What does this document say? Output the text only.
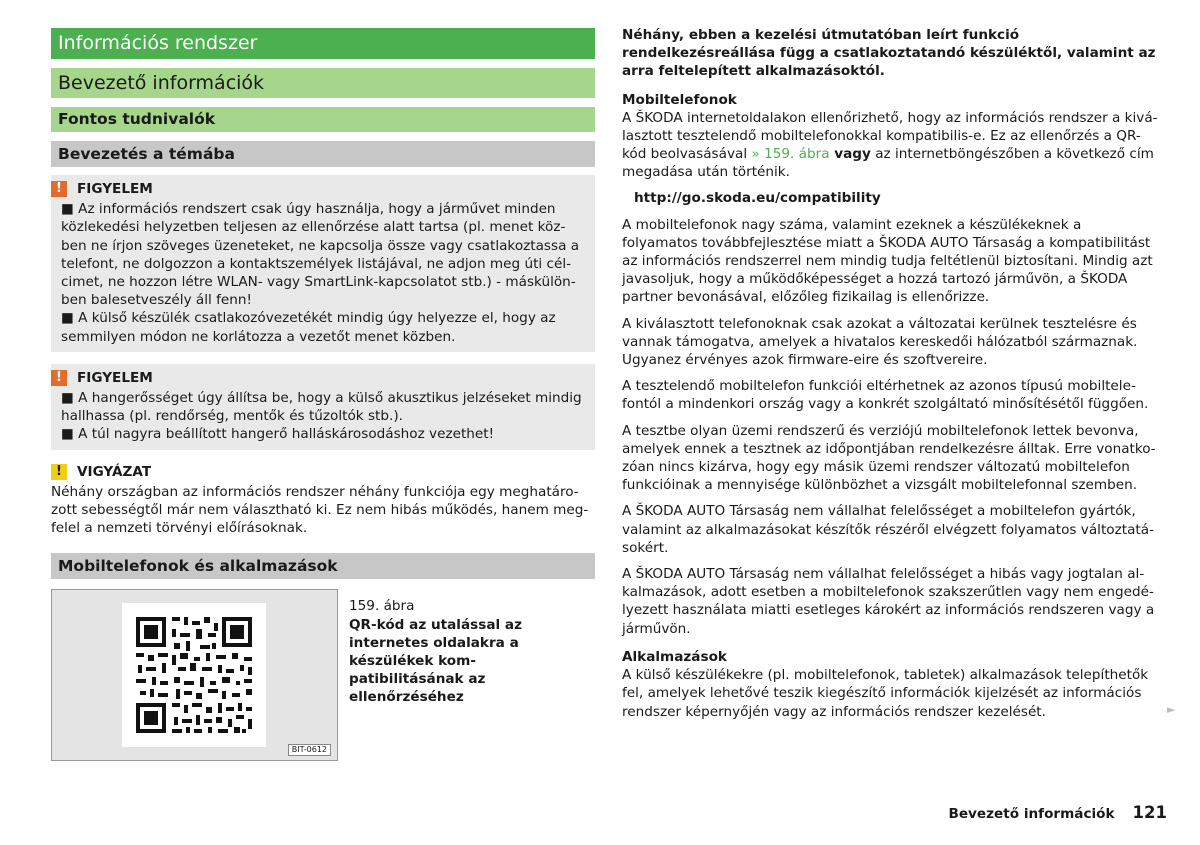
Információs rendszer
Bevezető információk
Fontos tudnivalók
Bevezetés a témába
!	FIGYELEM

■ Az információs rendszert csak úgy használja, hogy a járművet minden közlekedési helyzetben teljesen az ellenőrzése alatt tartsa (pl. menet közben ne írjon szöveges üzeneteket, ne kapcsolja össze vagy csatlakoztassa a telefont, ne dolgozzon a kontaktszemélyek listájával, ne adjon meg úti célcimet, ne hozzon létre WLAN- vagy SmartLink-kapcsolatot stb.) - máskülönben balesetveszély áll fenn!

■ A külső készülék csatlakozóvezetékét mindig úgy helyezze el, hogy az semmilyen módon ne korlátozza a vezetőt menet közben.

!	FIGYELEM

■ A hangerősséget úgy állítsa be, hogy a külső akusztikus jelzéseket mindig hallhassa (pl. rendőrség, mentők és tűzoltók stb.).

■ A túl nagyra beállított hangerő halláskárosodáshoz vezethet!

!	VIGYÁZAT

Néhány országban az információs rendszer néhány funkciója egy meghatározott sebességtől már nem választható ki. Ez nem hibás működés, hanem megfelel a nemzeti törvényi előírásoknak.

Mobiltelefonok és alkalmazások
BIT-0612
159. ábra
QR-kód az utalással az internetes oldalakra a készülékek kompatibilitásának az ellenőrzéséhez

Néhány, ebben a kezelési útmutatóban leírt funkció rendelkezésreállása függ a csatlakoztatandó készüléktől, valamint az arra feltelepített alkalmazásoktól.

Mobiltelefonok

A ŠKODA internetoldalakon ellenőrizhető, hogy az információs rendszer a kiválasztott tesztelendő mobiltelefonokkal kompatibilis-e. Ez az ellenőrzés a QR-kód beolvasásával » 159. ábra vagy az internetböngészőben a következő cím megadása után történik.

http://go.skoda.eu/compatibility

A mobiltelefonok nagy száma, valamint ezeknek a készülékeknek a folyamatos továbbfejlesztése miatt a ŠKODA AUTO Társaság a kompatibilitást az információs rendszerrel nem mindig tudja feltétlenül biztosítani. Mindig azt javasoljuk, hogy a működőképességet a hozzá tartozó járművön, a ŠKODA partner bevonásával, előzőleg fizikailag is ellenőrizze.

A kiválasztott telefonoknak csak azokat a változatai kerülnek tesztelésre és vannak támogatva, amelyek a hivatalos kereskedői hálózatból származnak. Ugyanez érvényes azok firmware-eire és szoftvereire.

A tesztelendő mobiltelefon funkciói eltérhetnek az azonos típusú mobiltelefontól a mindenkori ország vagy a konkrét szolgáltató minősítésétől függően.

A tesztbe olyan üzemi rendszerű és verziójú mobiltelefonok lettek bevonva, amelyek ennek a tesztnek az időpontjában rendelkezésre álltak. Erre vonatkozóan nincs kizárva, hogy egy másik üzemi rendszer változatú mobiltelefon funkcióinak a mennyisége különbözhet a vizsgált mobiltelefonnal szemben.

A ŠKODA AUTO Társaság nem vállalhat felelősséget a mobiltelefon gyártók, valamint az alkalmazásokat készítők részéről elvégzett folyamatos változtatásokért.

A ŠKODA AUTO Társaság nem vállalhat felelősséget a hibás vagy jogtalan alkalmazások, adott esetben a mobiltelefonok szakszerűtlen vagy nem engedélyezett használata miatti esetleges károkért az információs rendszeren vagy a járművön.

Alkalmazások

A külső készülékekre (pl. mobiltelefonok, tabletek) alkalmazások telepíthetők fel, amelyek lehetővé teszik kiegészítő információk kijelzését az információs rendszer képernyőjén vagy az információs rendszer kezelését.	►
Bevezető információk 121
